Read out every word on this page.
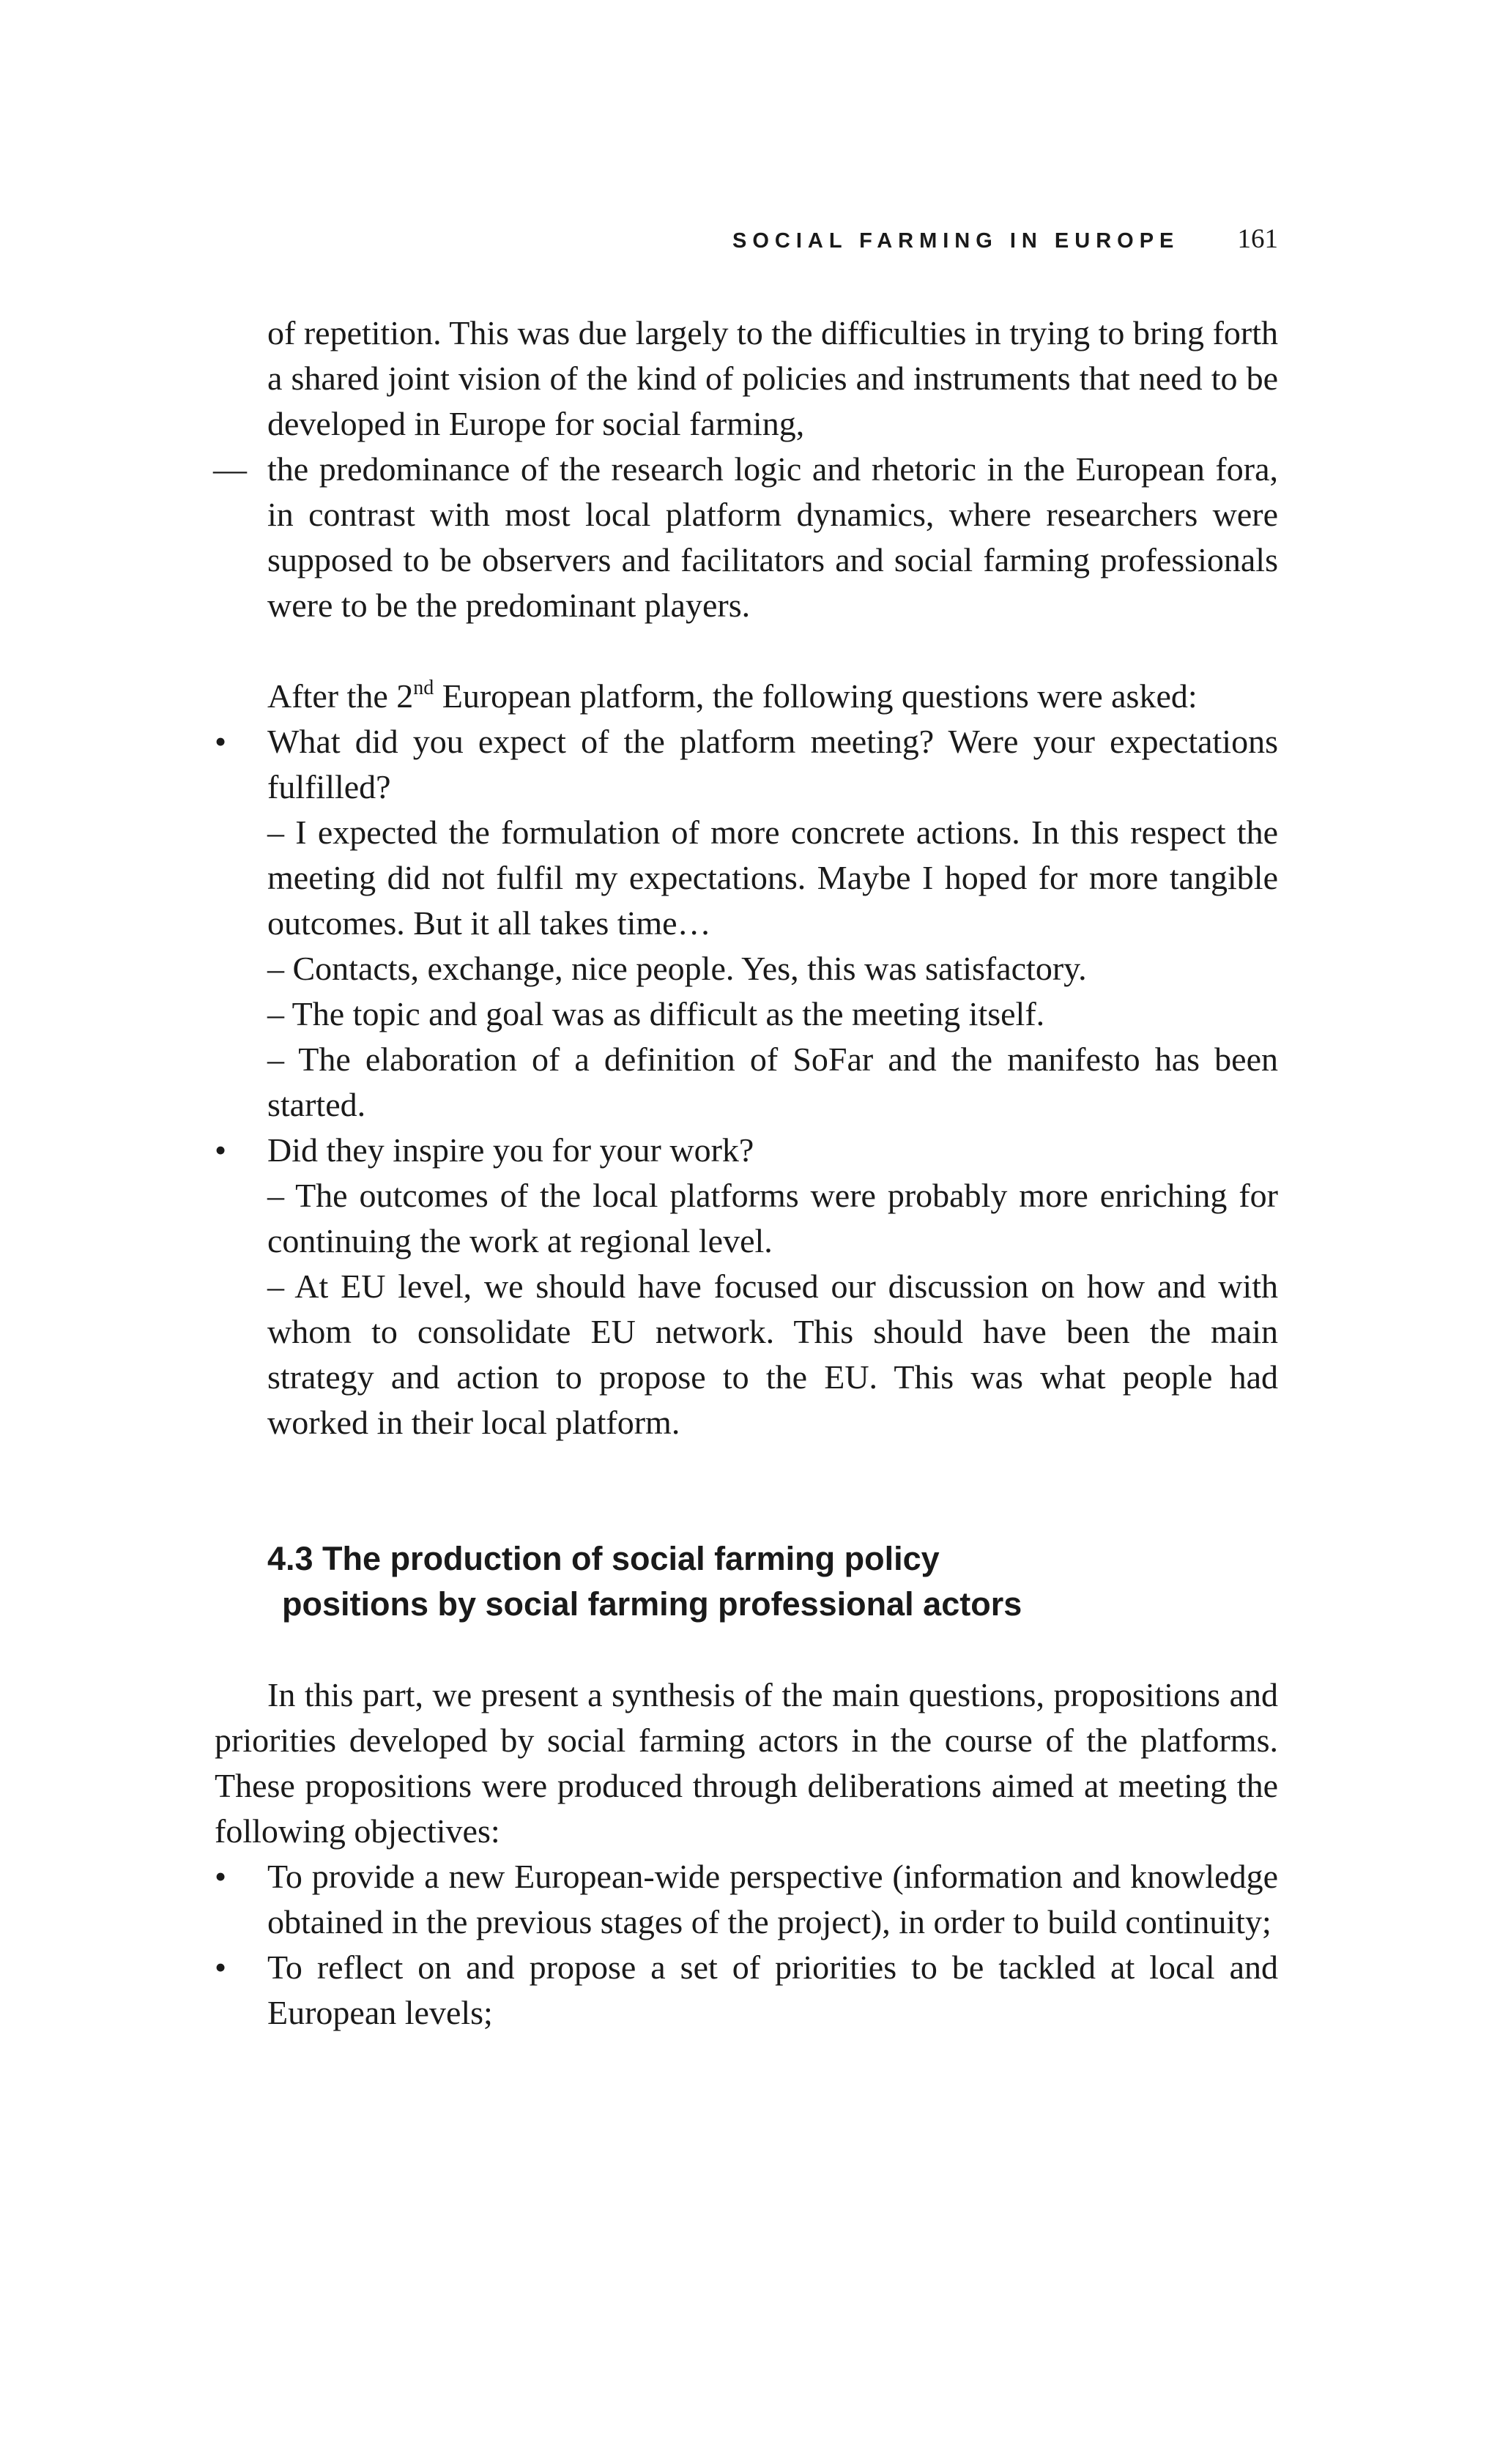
SOCIAL FARMING IN EUROPE 161

of repetition. This was due largely to the difficulties in trying to bring forth a shared joint vision of the kind of policies and instruments that need to be developed in Europe for social farming,

— the predominance of the research logic and rhetoric in the European fora, in contrast with most local platform dynamics, where researchers were supposed to be observers and facilitators and social farming professionals were to be the predominant players.

After the 2nd European platform, the following questions were asked:

• What did you expect of the platform meeting? Were your expectations fulfilled?

– I expected the formulation of more concrete actions. In this respect the meeting did not fulfil my expectations. Maybe I hoped for more tangible outcomes. But it all takes time…

– Contacts, exchange, nice people. Yes, this was satisfactory.

– The topic and goal was as difficult as the meeting itself.

– The elaboration of a definition of SoFar and the manifesto has been started.

• Did they inspire you for your work?

– The outcomes of the local platforms were probably more enriching for continuing the work at regional level.

– At EU level, we should have focused our discussion on how and with whom to consolidate EU network. This should have been the main strategy and action to propose to the EU. This was what people had worked in their local platform.

4.3 The production of social farming policy
positions by social farming professional actors

In this part, we present a synthesis of the main questions, propositions and priorities developed by social farming actors in the course of the platforms. These propositions were produced through deliberations aimed at meeting the following objectives:

• To provide a new European-wide perspective (information and knowledge obtained in the previous stages of the project), in order to build continuity;
• To reflect on and propose a set of priorities to be tackled at local and European levels;
